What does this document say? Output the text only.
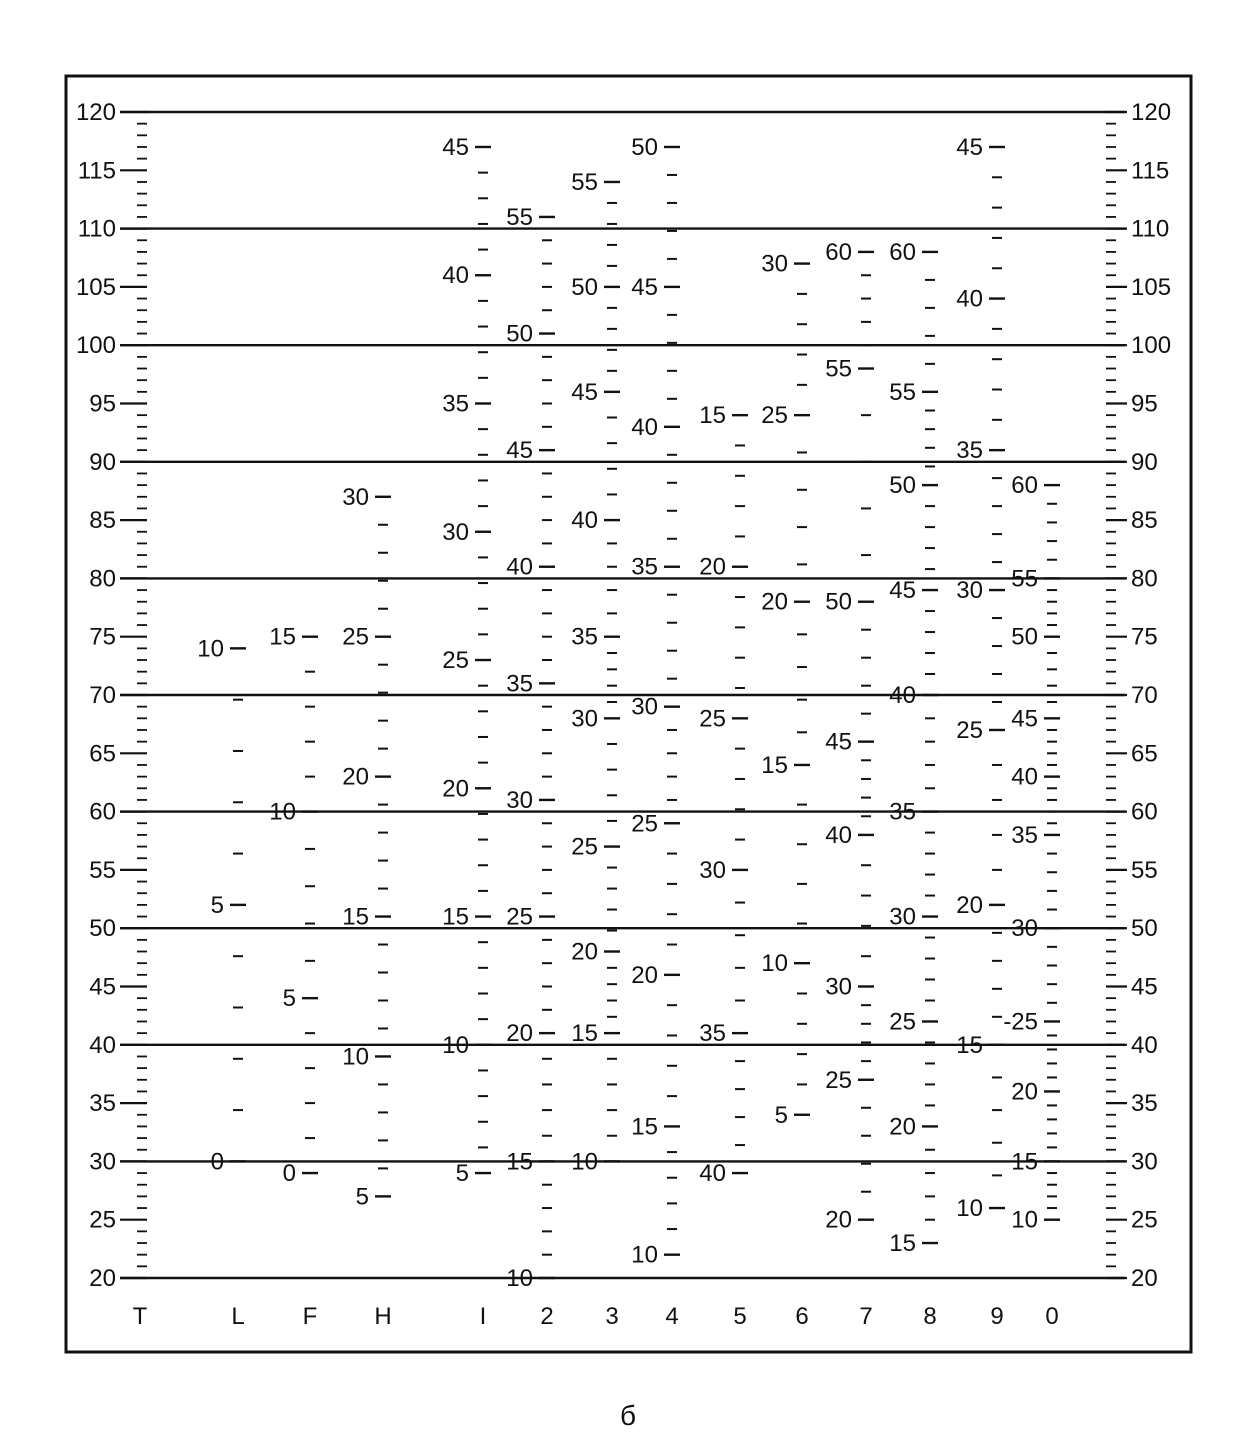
20
25
30
35
40
45
50
55
60
65
70
75
80
85
90
95
100
105
110
115
120
20
25
30
35
40
45
50
55
60
65
70
75
80
85
90
95
100
105
110
115
120
0
5
10
0
5
10
15
5
10
15
20
25
30
5
10
15
20
25
30
35
40
45
10
15
20
25
30
35
40
45
50
55
10
15
20
25
30
35
40
45
50
55
10
15
20
25
30
35
40
45
50
40
35
30
25
20
15
5
10
15
20
25
30
20
25
30
40
45
50
55
60
15
20
25
30
35
40
45
50
55
60
10
15
20
25
30
35
40
45
10
15
20
-25
30
35
40
45
50
55
60
T	L F H	I 2 3 4 5 6 7 8 9 0
б
